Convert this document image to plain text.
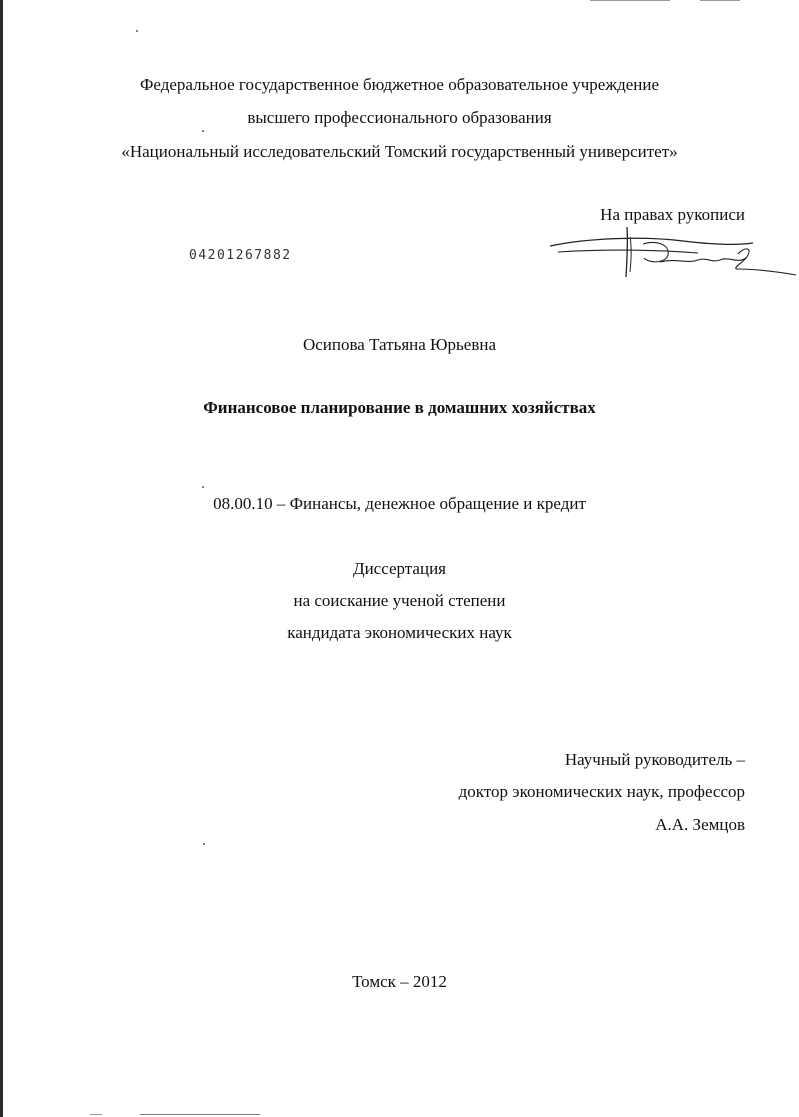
Федеральное государственное бюджетное образовательное учреждение
высшего профессионального образования
«Национальный исследовательский Томский государственный университет»
На правах рукописи
04201267882
Осипова Татьяна Юрьевна
Финансовое планирование в домашних хозяйствах
08.00.10 – Финансы, денежное обращение и кредит
Диссертация
на соискание ученой степени
кандидата экономических наук
Научный руководитель –
доктор экономических наук, профессор
А.А. Земцов
Томск – 2012
